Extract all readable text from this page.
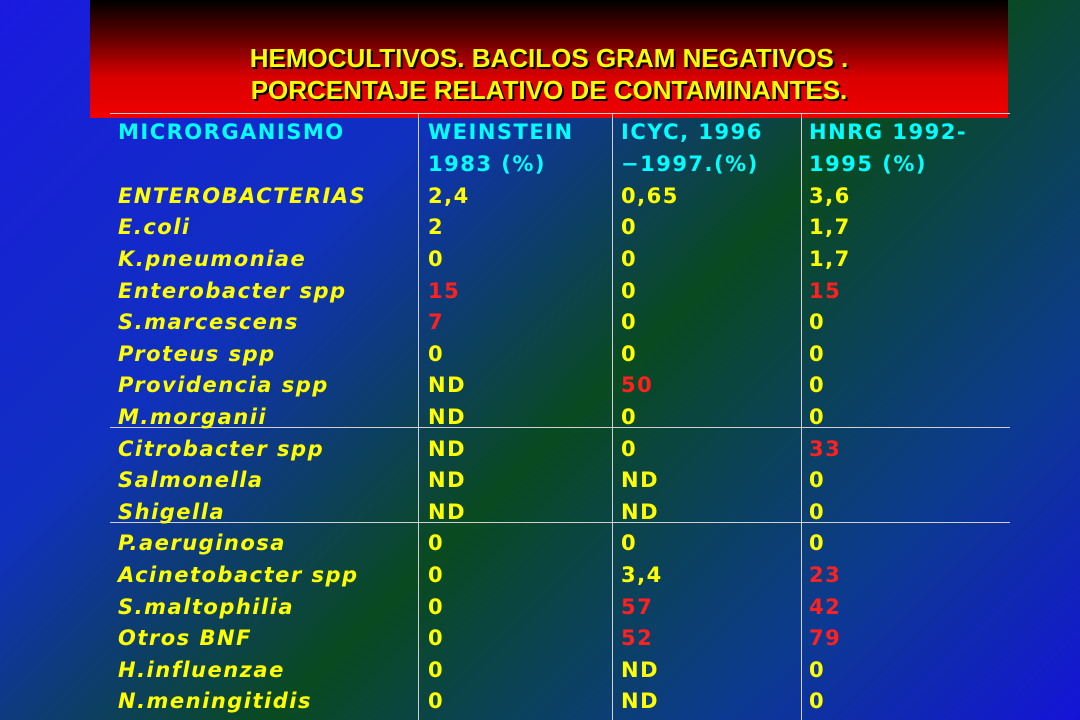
HEMOCULTIVOS. BACILOS GRAM NEGATIVOS .
PORCENTAJE RELATIVO DE CONTAMINANTES.
MICRORGANISMO	WEINSTEIN	ICYC, 1996	HNRG 1992-
	1983 (%)	−1997.(%)	1995 (%)
ENTEROBACTERIAS	2,4	0,65	3,6
E.coli	2	0	1,7
K.pneumoniae	0	0	1,7
Enterobacter spp	15	0	15
S.marcescens	7	0	0
Proteus spp	0	0	0
Providencia spp	ND	50	0
M.morganii	ND	0	0
Citrobacter spp	ND	0	33
Salmonella	ND	ND	0
Shigella	ND	ND	0
P.aeruginosa	0	0	0
Acinetobacter spp	0	3,4	23
S.maltophilia	0	57	42
Otros BNF	0	52	79
H.influenzae	0	ND	0
N.meningitidis	0	ND	0
